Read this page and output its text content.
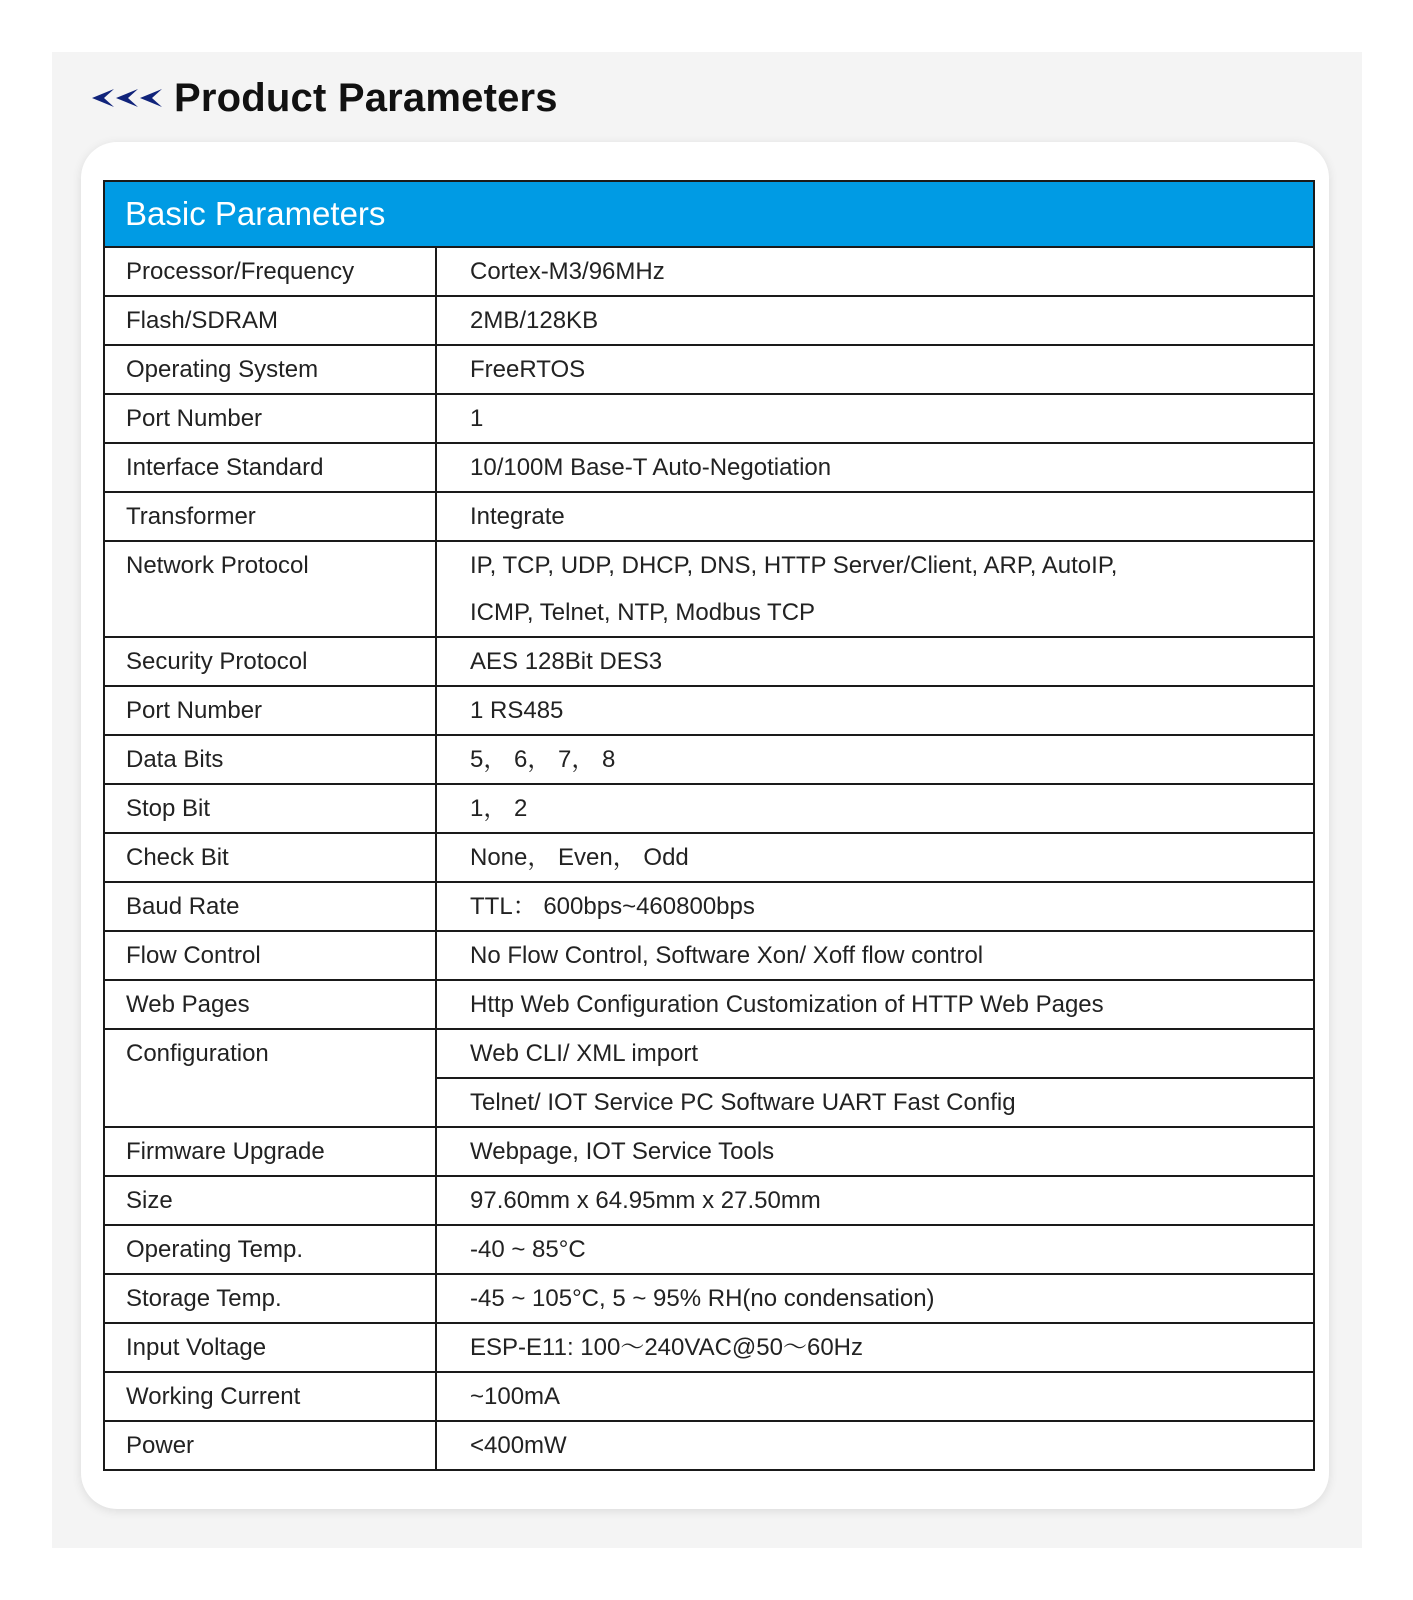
Product Parameters
Basic Parameters
Processor/Frequency	Cortex-M3/96MHz

Flash/SDRAM	2MB/128KB

Operating System	FreeRTOS

Port Number	1

Interface Standard	10/100M Base-T Auto-Negotiation

Transformer	Integrate

Network Protocol	IP, TCP, UDP, DHCP, DNS, HTTP Server/Client, ARP, AutoIP,
ICMP, Telnet, NTP, Modbus TCP

Security Protocol	AES 128Bit DES3

Port Number	1 RS485

Data Bits	5， 6， 7， 8

Stop Bit	1， 2

Check Bit	None， Even， Odd

Baud Rate	TTL： 600bps~460800bps

Flow Control	No Flow Control, Software Xon/ Xoff flow control

Web Pages	Http Web Configuration Customization of HTTP Web Pages

Configuration	Web CLI/ XML import
Telnet/ IOT Service PC Software UART Fast Config

Firmware Upgrade	Webpage, IOT Service Tools

Size	97.60mm x 64.95mm x 27.50mm

Operating Temp.	-40 ~ 85°C

Storage Temp.	-45 ~ 105°C, 5 ~ 95% RH(no condensation)

Input Voltage	ESP-E11: 100～240VAC@50～60Hz

Working Current	~100mA

Power	<400mW
